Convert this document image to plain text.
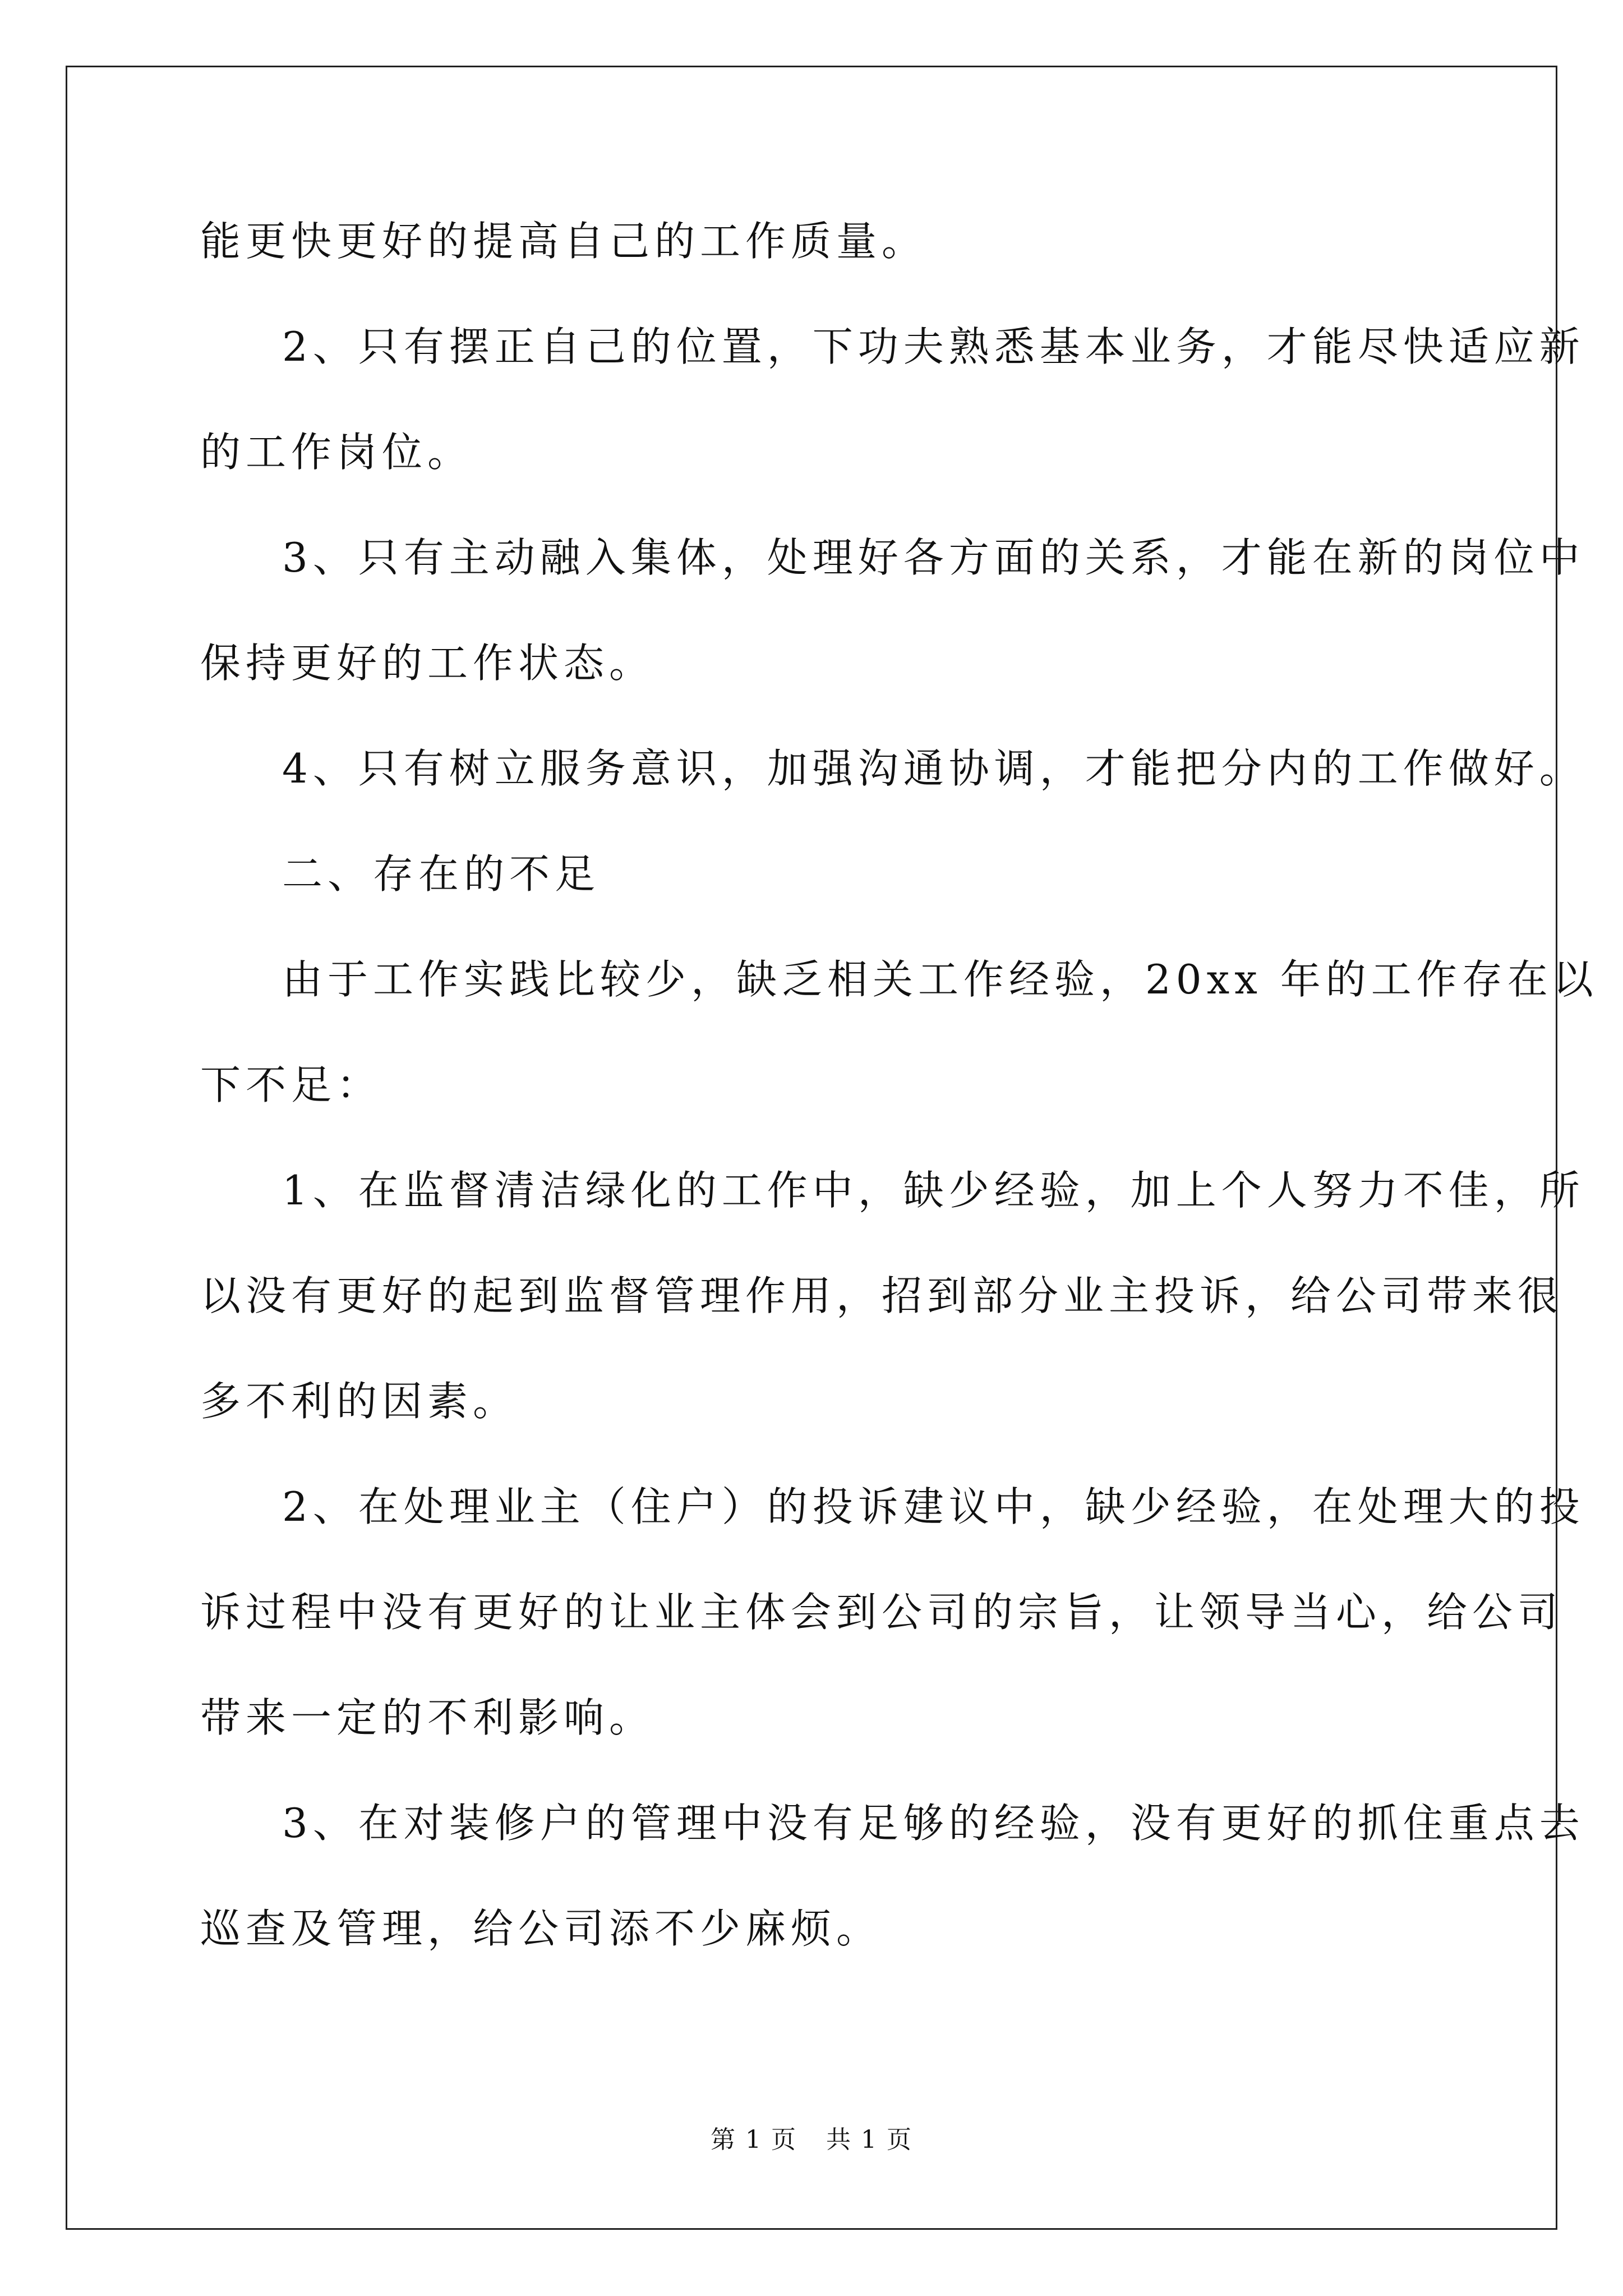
能更快更好的提高自己的工作质量。
2、只有摆正自己的位置，下功夫熟悉基本业务，才能尽快适应新
的工作岗位。
3、只有主动融入集体，处理好各方面的关系，才能在新的岗位中
保持更好的工作状态。
4、只有树立服务意识，加强沟通协调，才能把分内的工作做好。
二、存在的不足
由于工作实践比较少，缺乏相关工作经验，20xx 年的工作存在以
下不足：
1、在监督清洁绿化的工作中，缺少经验，加上个人努力不佳，所
以没有更好的起到监督管理作用，招到部分业主投诉，给公司带来很
多不利的因素。
2、在处理业主（住户）的投诉建议中，缺少经验，在处理大的投
诉过程中没有更好的让业主体会到公司的宗旨，让领导当心，给公司
带来一定的不利影响。
3、在对装修户的管理中没有足够的经验，没有更好的抓住重点去
巡查及管理，给公司添不少麻烦。
第 1 页 共 1 页
